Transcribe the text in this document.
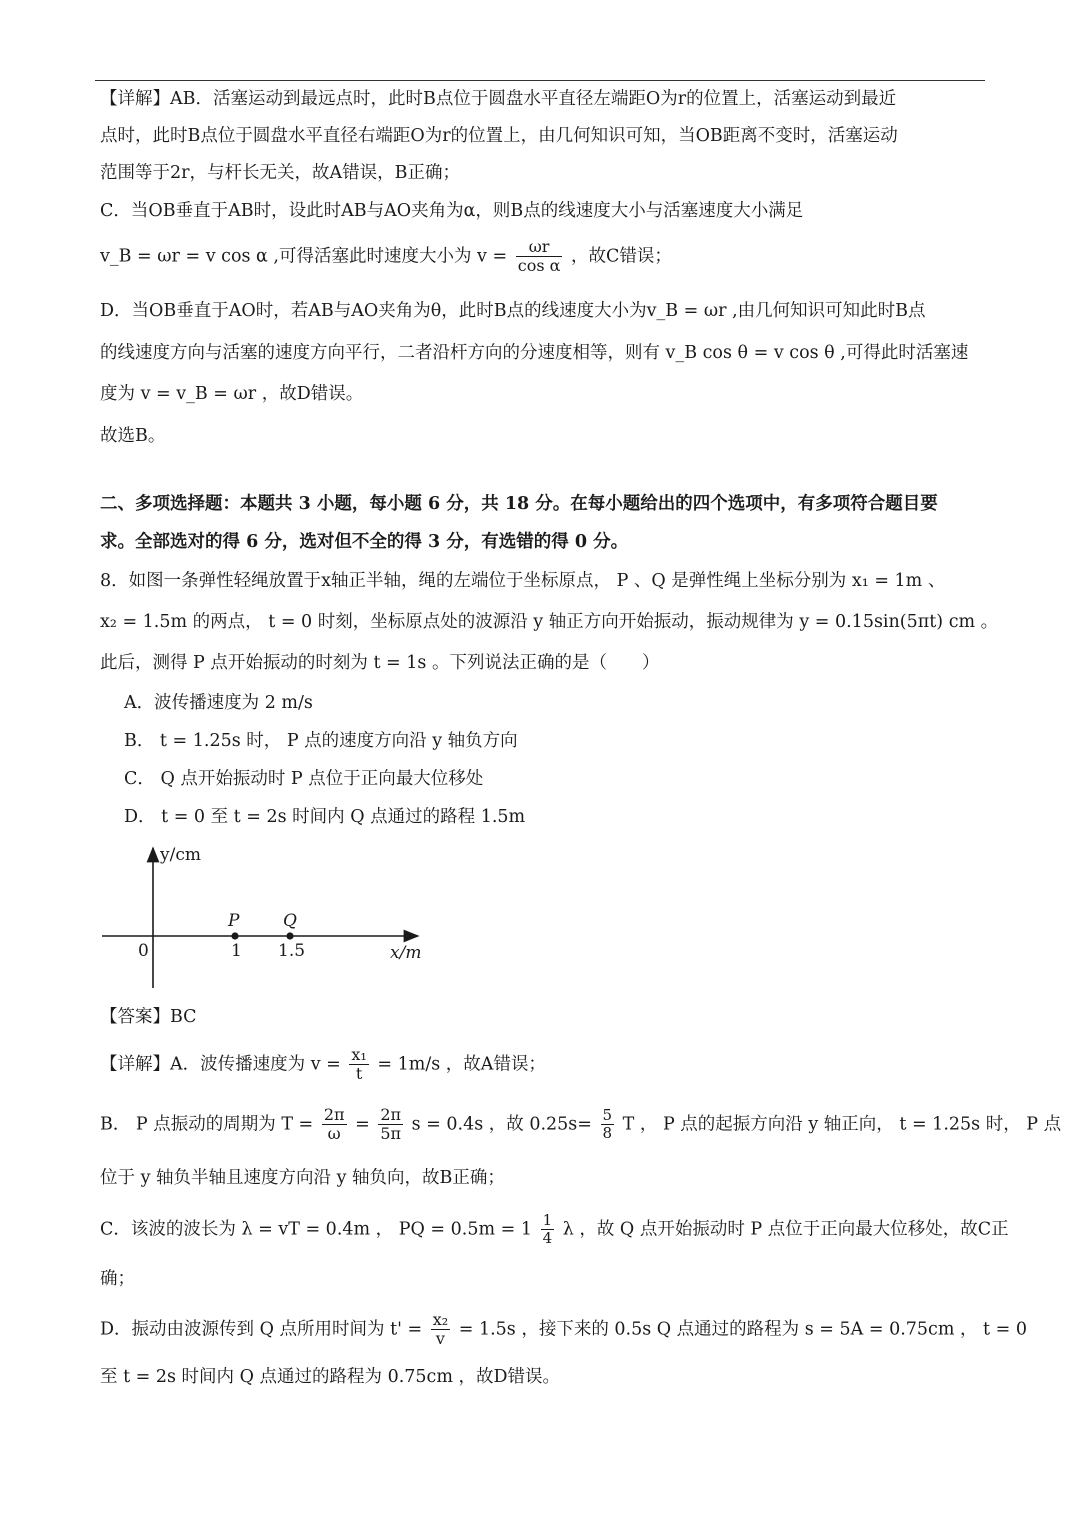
【详解】AB．活塞运动到最远点时，此时B点位于圆盘水平直径左端距O为r的位置上，活塞运动到最近
点时，此时B点位于圆盘水平直径右端距O为r的位置上，由几何知识可知，当OB距离不变时，活塞运动
范围等于2r，与杆长无关，故A错误，B正确；
C．当OB垂直于AB时，设此时AB与AO夹角为α，则B点的线速度大小与活塞速度大小满足
v_B = ωr = v cos α ,可得活塞此时速度大小为 $v = \frac{\omega r}{\text{cos α}}$ ，故C错误；
D．当OB垂直于AO时，若AB与AO夹角为θ，此时B点的线速度大小为v_B = ωr ,由几何知识可知此时B点
的线速度方向与活塞的速度方向平行，二者沿杆方向的分速度相等，则有 v_B cos θ = v cos θ ,可得此时活塞速
度为 v = v_B = ωr ，故D错误。
故选B。
二、多项选择题：本题共 3 小题，每小题 6 分，共 18 分。在每小题给出的四个选项中，有多项符合题目要
求。全部选对的得 6 分，选对但不全的得 3 分，有选错的得 0 分。
8．如图一条弹性轻绳放置于x轴正半轴，绳的左端位于坐标原点， P 、Q 是弹性绳上坐标分别为 x₁ = 1m 、
x₂ = 1.5m 的两点， t = 0 时刻，坐标原点处的波源沿 y 轴正方向开始振动，振动规律为 y = 0.15sin(5πt) cm 。
此后，测得 P 点开始振动的时刻为 t = 1s 。下列说法正确的是（　　）
A．波传播速度为 2 m/s
B． t = 1.25s 时， P 点的速度方向沿 y 轴负方向
C． Q 点开始振动时 P 点位于正向最大位移处
D． t = 0 至 t = 2s 时间内 Q 点通过的路程 1.5m
y/cm
x/m
0
P	Q
1 1.5
【答案】BC
【详解】A．波传播速度为 $v = \frac{\text{x₁}}{t} = 1m/s$ ，故A错误；
B． P 点振动的周期为 $T = \frac{2\pi}{\omega} = \frac{2\pi}{5\pi}$ s = 0.4s ，故 $0.25s= \frac{5}{8}$ T ， P 点的起振方向沿 y 轴正向， t = 1.25s 时， P 点
位于 y 轴负半轴且速度方向沿 y 轴负向，故B正确；
C．该波的波长为 λ = vT = 0.4m ， PQ = $0.5m = 1 \frac{1}{4}$ λ ，故 Q 点开始振动时 P 点位于正向最大位移处，故C正
确；
D．振动由波源传到 Q 点所用时间为 $t' = \frac{\text{x₂}}{v} = 1.5s$ ，接下来的 0.5s Q 点通过的路程为 s = 5A = 0.75cm ， t = 0
至 t = 2s 时间内 Q 点通过的路程为 0.75cm ，故D错误。
